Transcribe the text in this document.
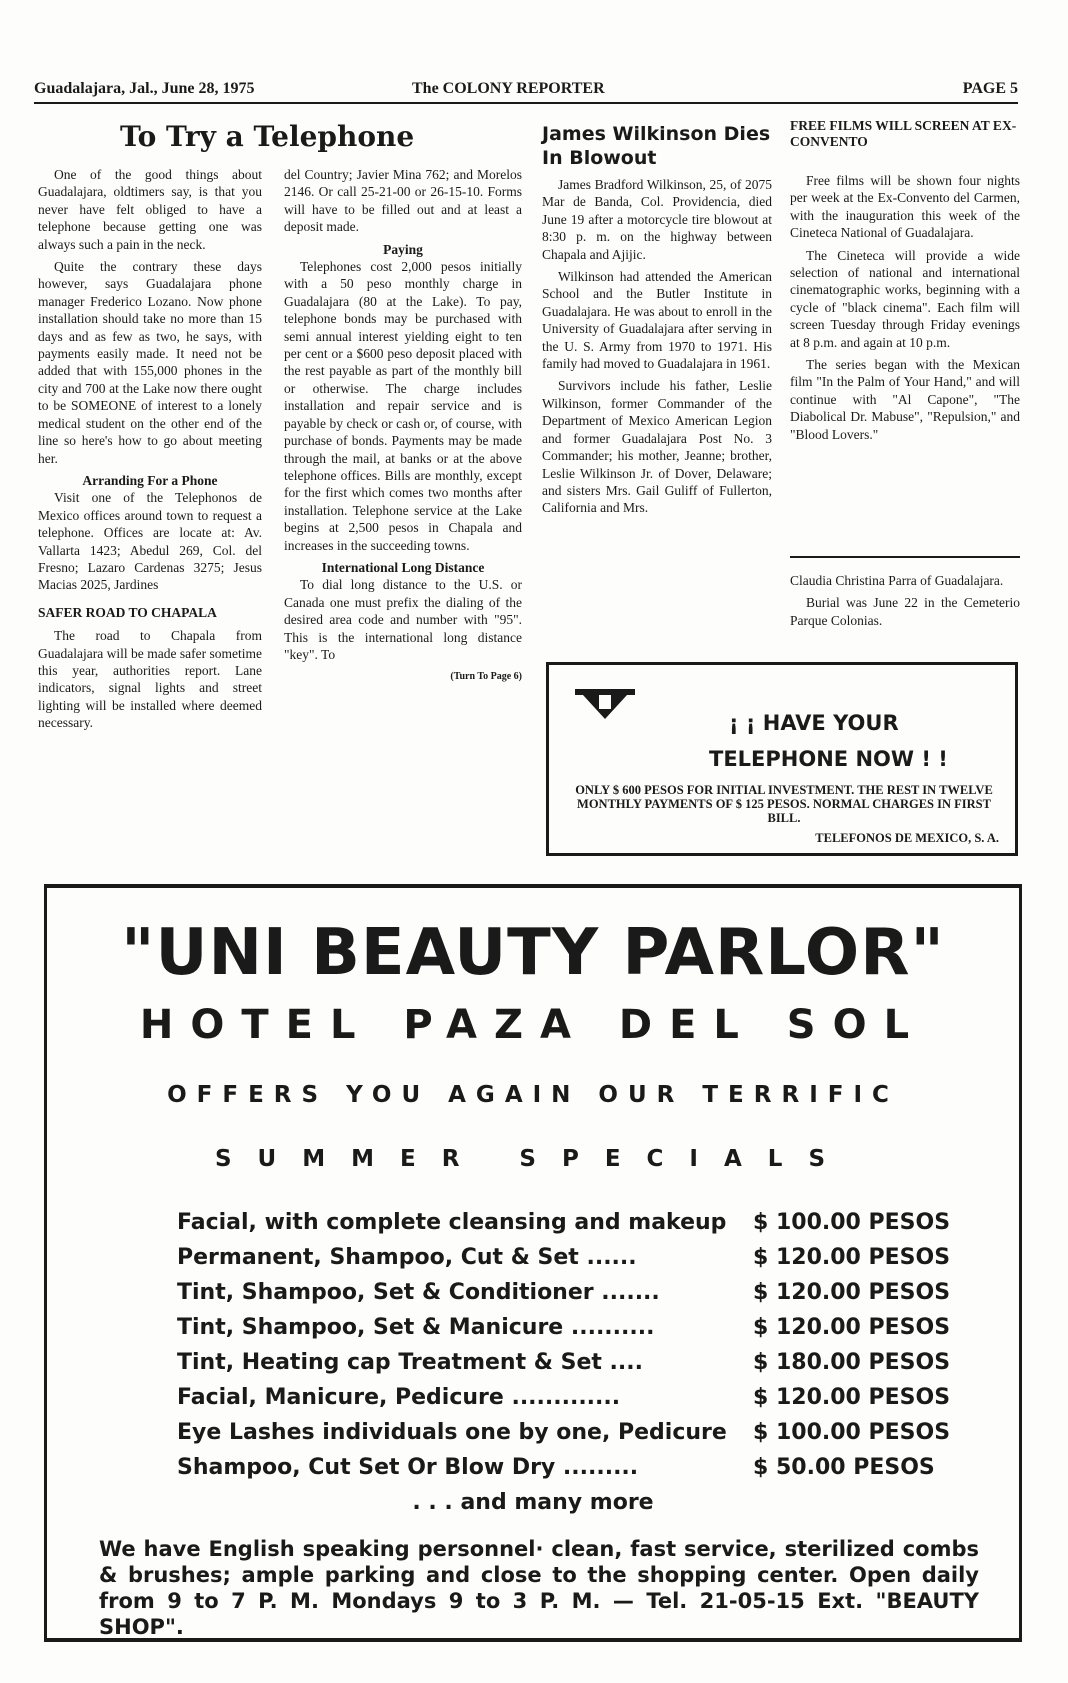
Guadalajara, Jal., June 28, 1975	The COLONY REPORTER	PAGE 5
To Try a Telephone

One of the good things about Guadalajara, oldtimers say, is that you never have felt obliged to have a telephone because getting one was always such a pain in the neck.

Quite the contrary these days however, says Guadalajara phone manager Frederico Lozano. Now phone installation should take no more than 15 days and as few as two, he says, with payments easily made. It need not be added that with 155,000 phones in the city and 700 at the Lake now there ought to be SOMEONE of interest to a lonely medical student on the other end of the line so here's how to go about meeting her.

Arranding For a Phone

Visit one of the Telephonos de Mexico offices around town to request a telephone. Offices are locate at: Av. Vallarta 1423; Abedul 269, Col. del Fresno; Lazaro Cardenas 3275; Jesus Macias 2025, Jardines

SAFER ROAD TO CHAPALA

The road to Chapala from Guadalajara will be made safer sometime this year, authorities report. Lane indicators, signal lights and street lighting will be installed where deemed necessary.

del Country; Javier Mina 762; and Morelos 2146. Or call 25-21-00 or 26-15-10. Forms will have to be filled out and at least a deposit made.

Paying

Telephones cost 2,000 pesos initially with a 50 peso monthly charge in Guadalajara (80 at the Lake). To pay, telephone bonds may be purchased with semi annual interest yielding eight to ten per cent or a $600 peso deposit placed with the rest payable as part of the monthly bill or otherwise. The charge includes installation and repair service and is payable by check or cash or, of course, with purchase of bonds. Payments may be made through the mail, at banks or at the above telephone offices. Bills are monthly, except for the first which comes two months after installation. Telephone service at the Lake begins at 2,500 pesos in Chapala and increases in the succeeding towns.

International Long Distance

To dial long distance to the U.S. or Canada one must prefix the dialing of the desired area code and number with "95". This is the international long distance "key". To

(Turn To Page 6)
James Wilkinson Dies In Blowout

James Bradford Wilkinson, 25, of 2075 Mar de Banda, Col. Providencia, died June 19 after a motorcycle tire blowout at 8:30 p. m. on the highway between Chapala and Ajijic.

Wilkinson had attended the American School and the Butler Institute in Guadalajara. He was about to enroll in the University of Guadalajara after serving in the U. S. Army from 1970 to 1971. His family had moved to Guadalajara in 1961.

Survivors include his father, Leslie Wilkinson, former Commander of the Department of Mexico American Legion and former Guadalajara Post No. 3 Commander; his mother, Jeanne; brother, Leslie Wilkinson Jr. of Dover, Delaware; and sisters Mrs. Gail Guliff of Fullerton, California and Mrs.

FREE FILMS WILL SCREEN AT EX-CONVENTO

Free films will be shown four nights per week at the Ex-Convento del Carmen, with the inauguration this week of the Cineteca National of Guadalajara.

The Cineteca will provide a wide selection of national and international cinematographic works, beginning with a cycle of "black cinema". Each film will screen Tuesday through Friday evenings at 8 p.m. and again at 10 p.m.

The series began with the Mexican film "In the Palm of Your Hand," and will continue with "Al Capone", "The Diabolical Dr. Mabuse", "Repulsion," and "Blood Lovers."

Claudia Christina Parra of Guadalajara.

Burial was June 22 in the Cemeterio Parque Colonias.

¡ ¡ HAVE YOUR
TELEPHONE NOW ! !
ONLY $ 600 PESOS FOR INITIAL INVESTMENT. THE REST IN TWELVE MONTHLY PAYMENTS OF $ 125 PESOS. NORMAL CHARGES IN FIRST BILL.
TELEFONOS DE MEXICO, S. A.
"UNI BEAUTY PARLOR"
HOTEL PAZA DEL SOL
OFFERS YOU AGAIN OUR TERRIFIC
SUMMER SPECIALS
Facial, with complete cleansing and makeup $ 100.00 PESOS
Permanent, Shampoo, Cut & Set ......	$ 120.00 PESOS
Tint, Shampoo, Set & Conditioner .......	$ 120.00 PESOS
Tint, Shampoo, Set & Manicure ..........	$ 120.00 PESOS
Tint, Heating cap Treatment & Set ....	$ 180.00 PESOS
Facial, Manicure, Pedicure .............	$ 120.00 PESOS
Eye Lashes individuals one by one, Pedicure $ 100.00 PESOS
Shampoo, Cut Set Or Blow Dry .........	$ 50.00 PESOS
. . . and many more
We have English speaking personnel· clean, fast service, sterilized combs & brushes; ample parking and close to the shopping center. Open daily from 9 to 7 P. M. Mondays 9 to 3 P. M. — Tel. 21-05-15 Ext. "BEAUTY SHOP".
